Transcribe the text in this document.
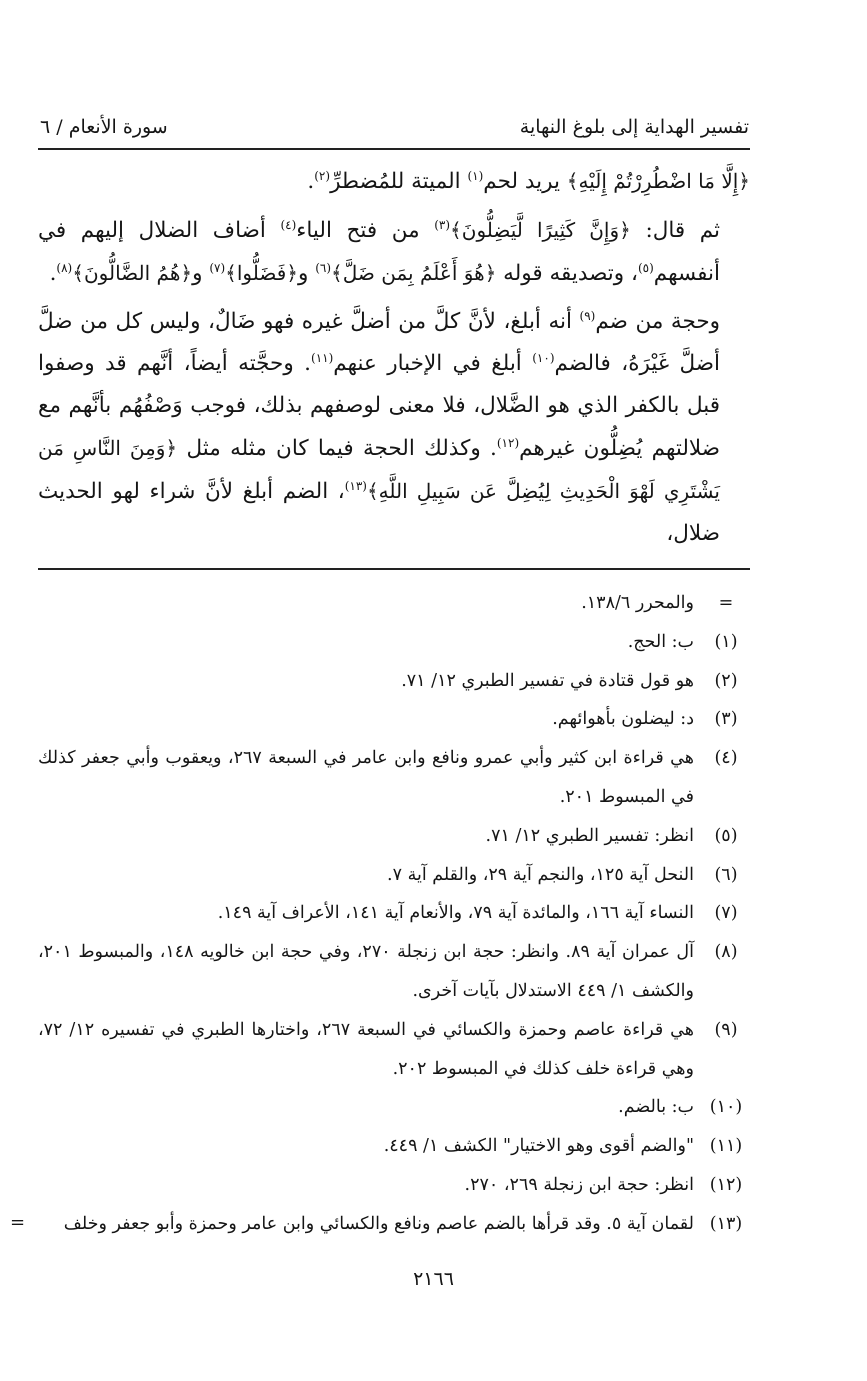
تفسير الهداية إلى بلوغ النهاية
سورة الأنعام / ٦

﴿إِلَّا مَا اضْطُرِرْتُمْ إِلَيْهِ﴾ يريد لحم$^{(١)}$ الميتة للمُضطرِّ$^{(٢)}$.

ثم قال: ﴿وَإِنَّ كَثِيرًا لَّيَضِلُّونَ﴾$^{(٣)}$ من فتح الياء$^{(٤)}$ أضاف الضلال إليهم في أنفسهم$^{(٥)}$، وتصديقه قوله ﴿هُوَ أَعْلَمُ بِمَن ضَلَّ﴾$^{(٦)}$ و﴿فَضَلُّوا﴾$^{(٧)}$ و﴿هُمُ الضَّالُّونَ﴾$^{(٨)}$.

وحجة من ضم$^{(٩)}$ أنه أبلغ، لأنَّ كلَّ من أضلَّ غيره فهو ضَالٌ، وليس كل من ضلَّ أضلَّ غَيْرَهُ، فالضم$^{(١٠)}$ أبلغ في الإخبار عنهم$^{(١١)}$. وحجَّته أيضاً، أنَّهم قد وصفوا قبل بالكفر الذي هو الضَّلال، فلا معنى لوصفهم بذلك، فوجب وَصْفُهُم بأنَّهم مع ضلالتهم يُضِلُّون غيرهم$^{(١٢)}$. وكذلك الحجة فيما كان مثله مثل ﴿وَمِنَ النَّاسِ مَن يَشْتَرِي لَهْوَ الْحَدِيثِ لِيُضِلَّ عَن سَبِيلِ اللَّهِ﴾$^{(١٣)}$، الضم أبلغ لأنَّ شراء لهو الحديث ضلال،

=
والمحرر ١٣٨/٦.
(١)
ب: الحج.
(٢)
هو قول قتادة في تفسير الطبري ١٢/ ٧١.
(٣)
د: ليضلون بأهوائهم.
(٤)
هي قراءة ابن كثير وأبي عمرو ونافع وابن عامر في السبعة ٢٦٧، ويعقوب وأبي جعفر كذلك في المبسوط ٢٠١.
(٥)
انظر: تفسير الطبري ١٢/ ٧١.
(٦)
النحل آية ١٢٥، والنجم آية ٢٩، والقلم آية ٧.
(٧)
النساء آية ١٦٦، والمائدة آية ٧٩، والأنعام آية ١٤١، الأعراف آية ١٤٩.
(٨)
آل عمران آية ٨٩. وانظر: حجة ابن زنجلة ٢٧٠، وفي حجة ابن خالويه ١٤٨، والمبسوط ٢٠١، والكشف ١/ ٤٤٩ الاستدلال بآيات آخرى.
(٩)
هي قراءة عاصم وحمزة والكسائي في السبعة ٢٦٧، واختارها الطبري في تفسيره ١٢/ ٧٢، وهي قراءة خلف كذلك في المبسوط ٢٠٢.
(١٠)
ب: بالضم.
(١١)
"والضم أقوى وهو الاختيار" الكشف ١/ ٤٤٩.
(١٢)
انظر: حجة ابن زنجلة ٢٦٩، ٢٧٠.
(١٣)
لقمان آية ٥. وقد قرأها بالضم عاصم ونافع والكسائي وابن عامر وحمزة وأبو جعفر وخلف
=
٢١٦٦
